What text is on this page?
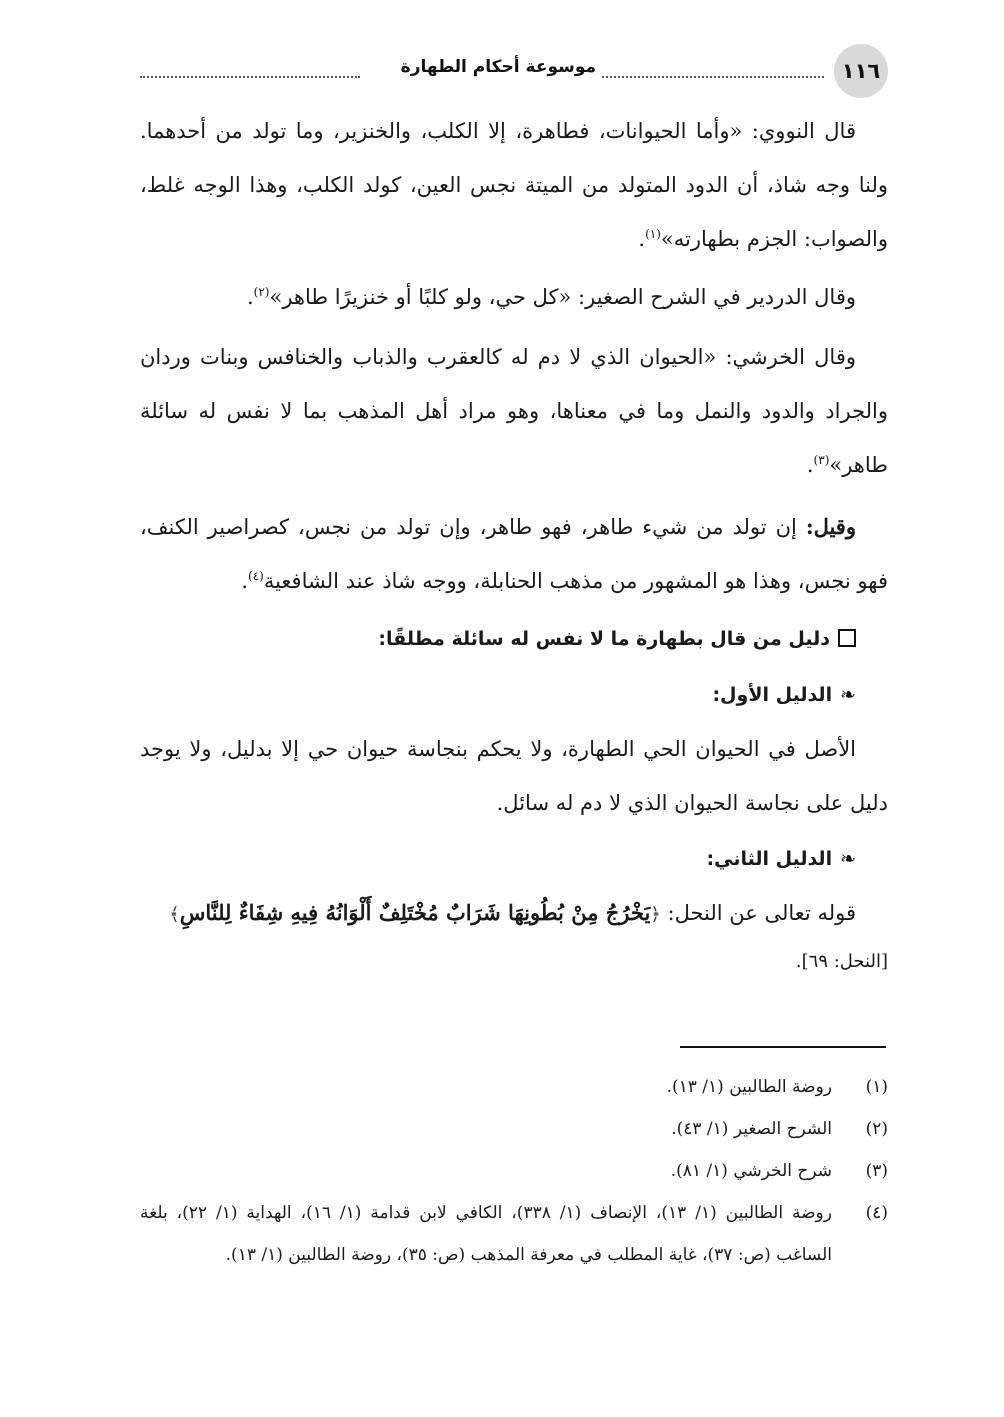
١١٦
موسوعة أحكام الطهارة

قال النووي: «وأما الحيوانات، فطاهرة، إلا الكلب، والخنزير، وما تولد من أحدهما. ولنا وجه شاذ، أن الدود المتولد من الميتة نجس العين، كولد الكلب، وهذا الوجه غلط، والصواب: الجزم بطهارته»$^{(١)}$.

وقال الدردير في الشرح الصغير: «كل حي، ولو كلبًا أو خنزيرًا طاهر»$^{(٢)}$.

وقال الخرشي: «الحيوان الذي لا دم له كالعقرب والذباب والخنافس وبنات وردان والجراد والدود والنمل وما في معناها، وهو مراد أهل المذهب بما لا نفس له سائلة طاهر»$^{(٣)}$.

وقيل: إن تولد من شيء طاهر، فهو طاهر، وإن تولد من نجس، كصراصير الكنف، فهو نجس، وهذا هو المشهور من مذهب الحنابلة، ووجه شاذ عند الشافعية$^{(٤)}$.

دليل من قال بطهارة ما لا نفس له سائلة مطلقًا:

❧الدليل الأول:

الأصل في الحيوان الحي الطهارة، ولا يحكم بنجاسة حيوان حي إلا بدليل، ولا يوجد دليل على نجاسة الحيوان الذي لا دم له سائل.

❧الدليل الثاني:

قوله تعالى عن النحل: ﴿يَخْرُجُ مِنْ بُطُونِهَا شَرَابٌ مُخْتَلِفٌ أَلْوَانُهُ فِيهِ شِفَاءٌ لِلنَّاسِ﴾

[النحل: ٦٩].

(١)
روضة الطالبين (١/ ١٣).
(٢)
الشرح الصغير (١/ ٤٣).
(٣)
شرح الخرشي (١/ ٨١).
(٤)
روضة الطالبين (١/ ١٣)، الإنصاف (١/ ٣٣٨)، الكافي لابن قدامة (١/ ١٦)، الهداية (١/ ٢٢)، بلغة الساغب (ص: ٣٧)، غاية المطلب في معرفة المذهب (ص: ٣٥)، روضة الطالبين (١/ ١٣).
